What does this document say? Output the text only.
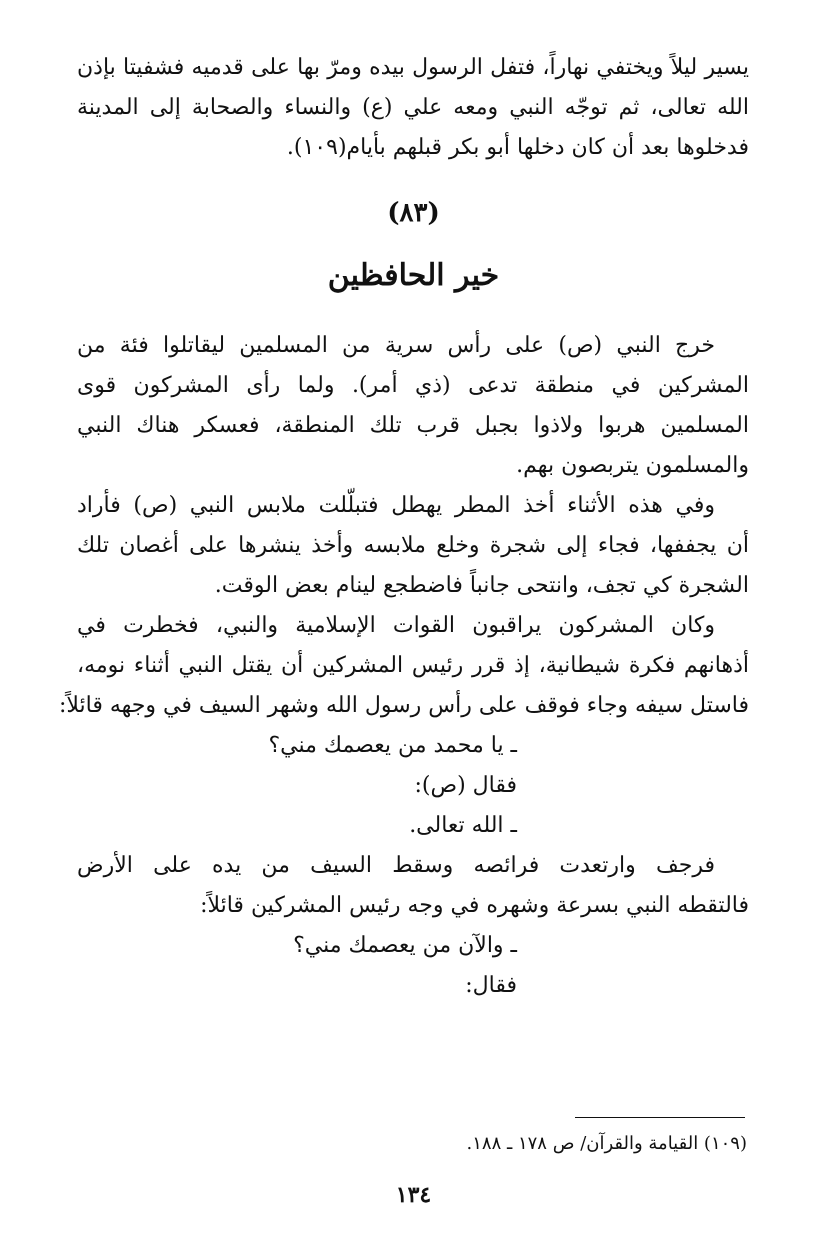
يسير ليلاً ويختفي نهاراً، فتفل الرسول بيده ومرّ بها على قدميه فشفيتا بإذن
الله تعالى، ثم توجّه النبي ومعه علي (ع) والنساء والصحابة إلى المدينة
فدخلوها بعد أن كان دخلها أبو بكر قبلهم بأيام(١٠٩).
(٨٣)
خير الحافظين
خرج النبي (ص) على رأس سرية من المسلمين ليقاتلوا فئة من
المشركين في منطقة تدعى (ذي أمر). ولما رأى المشركون قوى
المسلمين هربوا ولاذوا بجبل قرب تلك المنطقة، فعسكر هناك النبي
والمسلمون يتربصون بهم.
وفي هذه الأثناء أخذ المطر يهطل فتبلّلت ملابس النبي (ص) فأراد
أن يجففها، فجاء إلى شجرة وخلع ملابسه وأخذ ينشرها على أغصان تلك
الشجرة كي تجف، وانتحى جانباً فاضطجع لينام بعض الوقت.
وكان المشركون يراقبون القوات الإسلامية والنبي، فخطرت في
أذهانهم فكرة شيطانية، إذ قرر رئيس المشركين أن يقتل النبي أثناء نومه،
فاستل سيفه وجاء فوقف على رأس رسول الله وشهر السيف في وجهه قائلاً:
ـ يا محمد من يعصمك مني؟
فقال (ص):
ـ الله تعالى.
فرجف وارتعدت فرائصه وسقط السيف من يده على الأرض
فالتقطه النبي بسرعة وشهره في وجه رئيس المشركين قائلاً:
ـ والآن من يعصمك مني؟
فقال:
(١٠٩) القيامة والقرآن/ ص ١٧٨ ـ ١٨٨.
١٣٤
